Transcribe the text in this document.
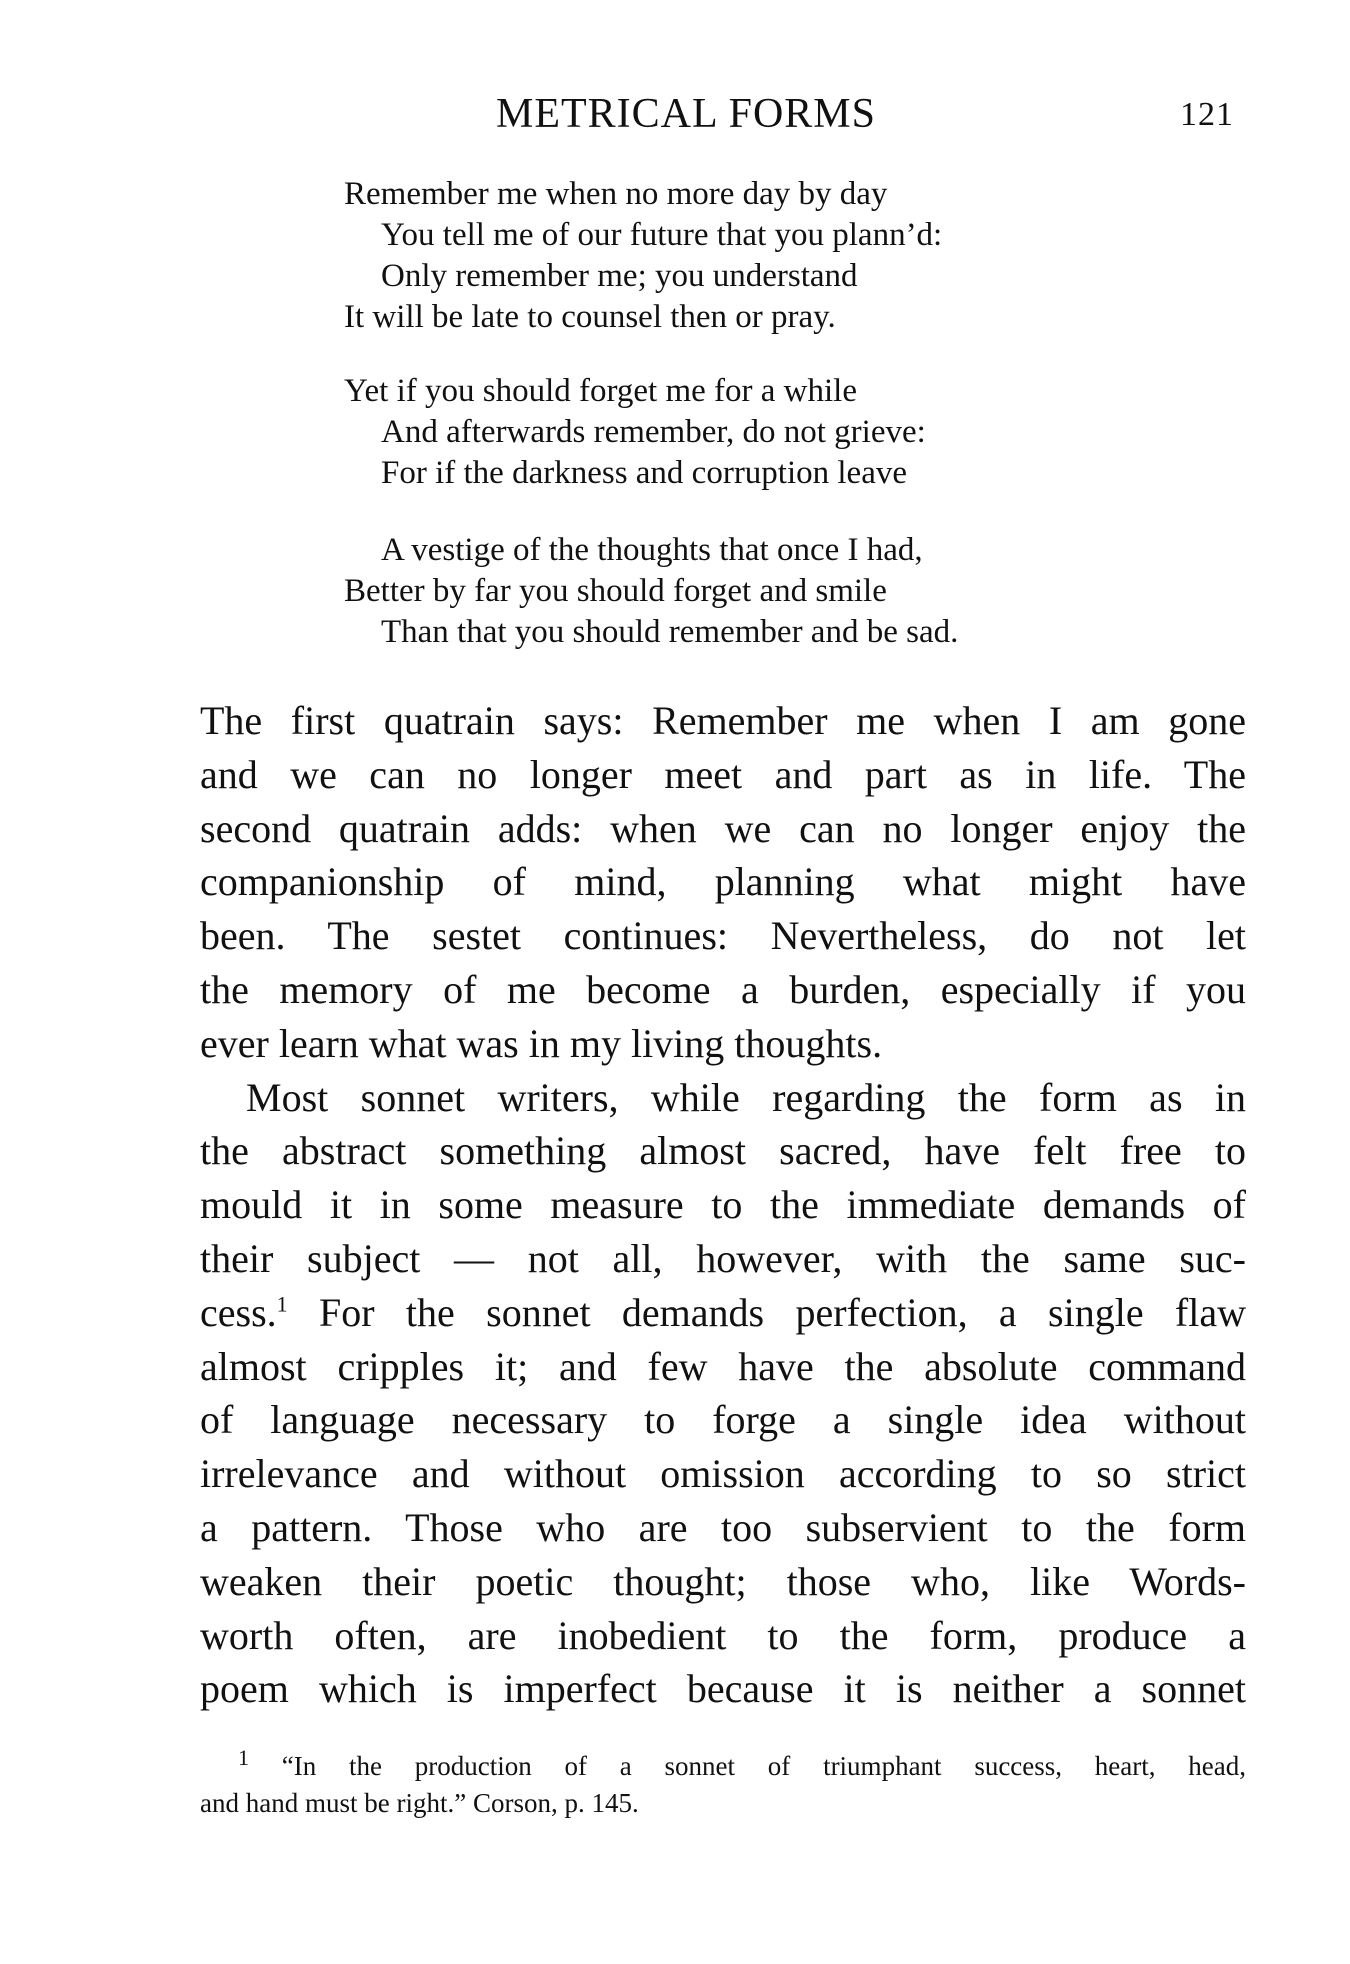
METRICAL FORMS	121
Remember me when no more day by day
You tell me of our future that you plann’d:
Only remember me; you understand
It will be late to counsel then or pray.
Yet if you should forget me for a while
And afterwards remember, do not grieve:
For if the darkness and corruption leave
A vestige of the thoughts that once I had,
Better by far you should forget and smile
Than that you should remember and be sad.
The first quatrain says: Remember me when I am gone
and we can no longer meet and part as in life. The
second quatrain adds: when we can no longer enjoy the
companionship of mind, planning what might have
been. The sestet continues: Nevertheless, do not let
the memory of me become a burden, especially if you
ever learn what was in my living thoughts.
Most sonnet writers, while regarding the form as in
the abstract something almost sacred, have felt free to
mould it in some measure to the immediate demands of
their subject — not all, however, with the same suc-
cess.$^1$ For the sonnet demands perfection, a single flaw
almost cripples it; and few have the absolute command
of language necessary to forge a single idea without
irrelevance and without omission according to so strict
a pattern. Those who are too subservient to the form
weaken their poetic thought; those who, like Words-
worth often, are inobedient to the form, produce a
poem which is imperfect because it is neither a sonnet
$^1$ “In the production of a sonnet of triumphant success, heart, head,
and hand must be right.” Corson, p. 145.
